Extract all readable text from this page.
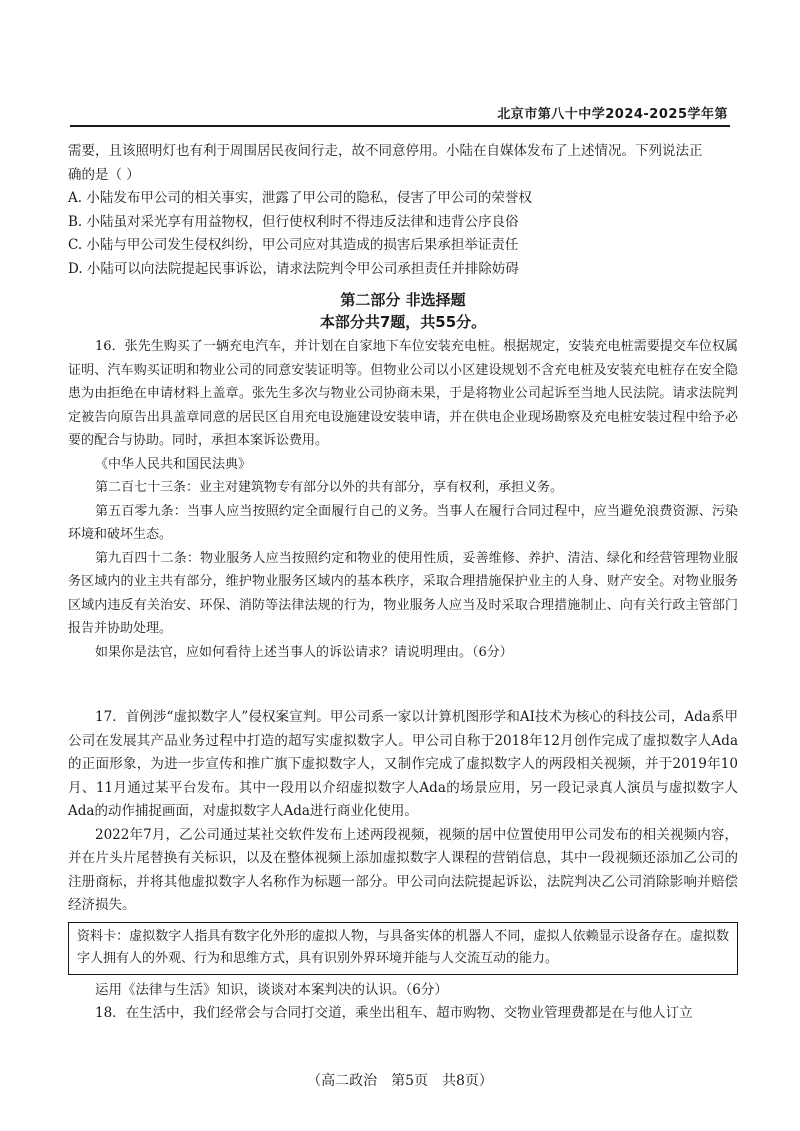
北京市第八十中学2024-2025学年第

需要，且该照明灯也有利于周围居民夜间行走，故不同意停用。小陆在自媒体发布了上述情况。下列说法正

确的是（ ）

A. 小陆发布甲公司的相关事实，泄露了甲公司的隐私，侵害了甲公司的荣誉权

B. 小陆虽对采光享有用益物权，但行使权利时不得违反法律和违背公序良俗

C. 小陆与甲公司发生侵权纠纷，甲公司应对其造成的损害后果承担举证责任

D. 小陆可以向法院提起民事诉讼，请求法院判令甲公司承担责任并排除妨碍

第二部分 非选择题
本部分共7题，共55分。

16．张先生购买了一辆充电汽车，并计划在自家地下车位安装充电桩。根据规定，安装充电桩需要提交车位权属证明、汽车购买证明和物业公司的同意安装证明等。但物业公司以小区建设规划不含充电桩及安装充电桩存在安全隐患为由拒绝在申请材料上盖章。张先生多次与物业公司协商未果，于是将物业公司起诉至当地人民法院。请求法院判定被告向原告出具盖章同意的居民区自用充电设施建设安装申请，并在供电企业现场勘察及充电桩安装过程中给予必要的配合与协助。同时，承担本案诉讼费用。

《中华人民共和国民法典》

第二百七十三条：业主对建筑物专有部分以外的共有部分，享有权利，承担义务。

第五百零九条：当事人应当按照约定全面履行自己的义务。当事人在履行合同过程中，应当避免浪费资源、污染环境和破坏生态。

第九百四十二条：物业服务人应当按照约定和物业的使用性质，妥善维修、养护、清洁、绿化和经营管理物业服务区域内的业主共有部分，维护物业服务区域内的基本秩序，采取合理措施保护业主的人身、财产安全。对物业服务区域内违反有关治安、环保、消防等法律法规的行为，物业服务人应当及时采取合理措施制止、向有关行政主管部门报告并协助处理。

如果你是法官，应如何看待上述当事人的诉讼请求？请说明理由。（6分）

17．首例涉“虚拟数字人”侵权案宣判。甲公司系一家以计算机图形学和AI技术为核心的科技公司，Ada系甲公司在发展其产品业务过程中打造的超写实虚拟数字人。甲公司自称于2018年12月创作完成了虚拟数字人Ada的正面形象，为进一步宣传和推广旗下虚拟数字人，又制作完成了虚拟数字人的两段相关视频，并于2019年10月、11月通过某平台发布。其中一段用以介绍虚拟数字人Ada的场景应用，另一段记录真人演员与虚拟数字人Ada的动作捕捉画面，对虚拟数字人Ada进行商业化使用。

2022年7月，乙公司通过某社交软件发布上述两段视频，视频的居中位置使用甲公司发布的相关视频内容，并在片头片尾替换有关标识，以及在整体视频上添加虚拟数字人课程的营销信息，其中一段视频还添加乙公司的注册商标，并将其他虚拟数字人名称作为标题一部分。甲公司向法院提起诉讼，法院判决乙公司消除影响并赔偿经济损失。

资料卡：虚拟数字人指具有数字化外形的虚拟人物，与具备实体的机器人不同，虚拟人依赖显示设备存在。虚拟数字人拥有人的外观、行为和思维方式，具有识别外界环境并能与人交流互动的能力。

运用《法律与生活》知识，谈谈对本案判决的认识。（6分）

18．在生活中，我们经常会与合同打交道，乘坐出租车、超市购物、交物业管理费都是在与他人订立

（高二政治　第5页　共8页）
